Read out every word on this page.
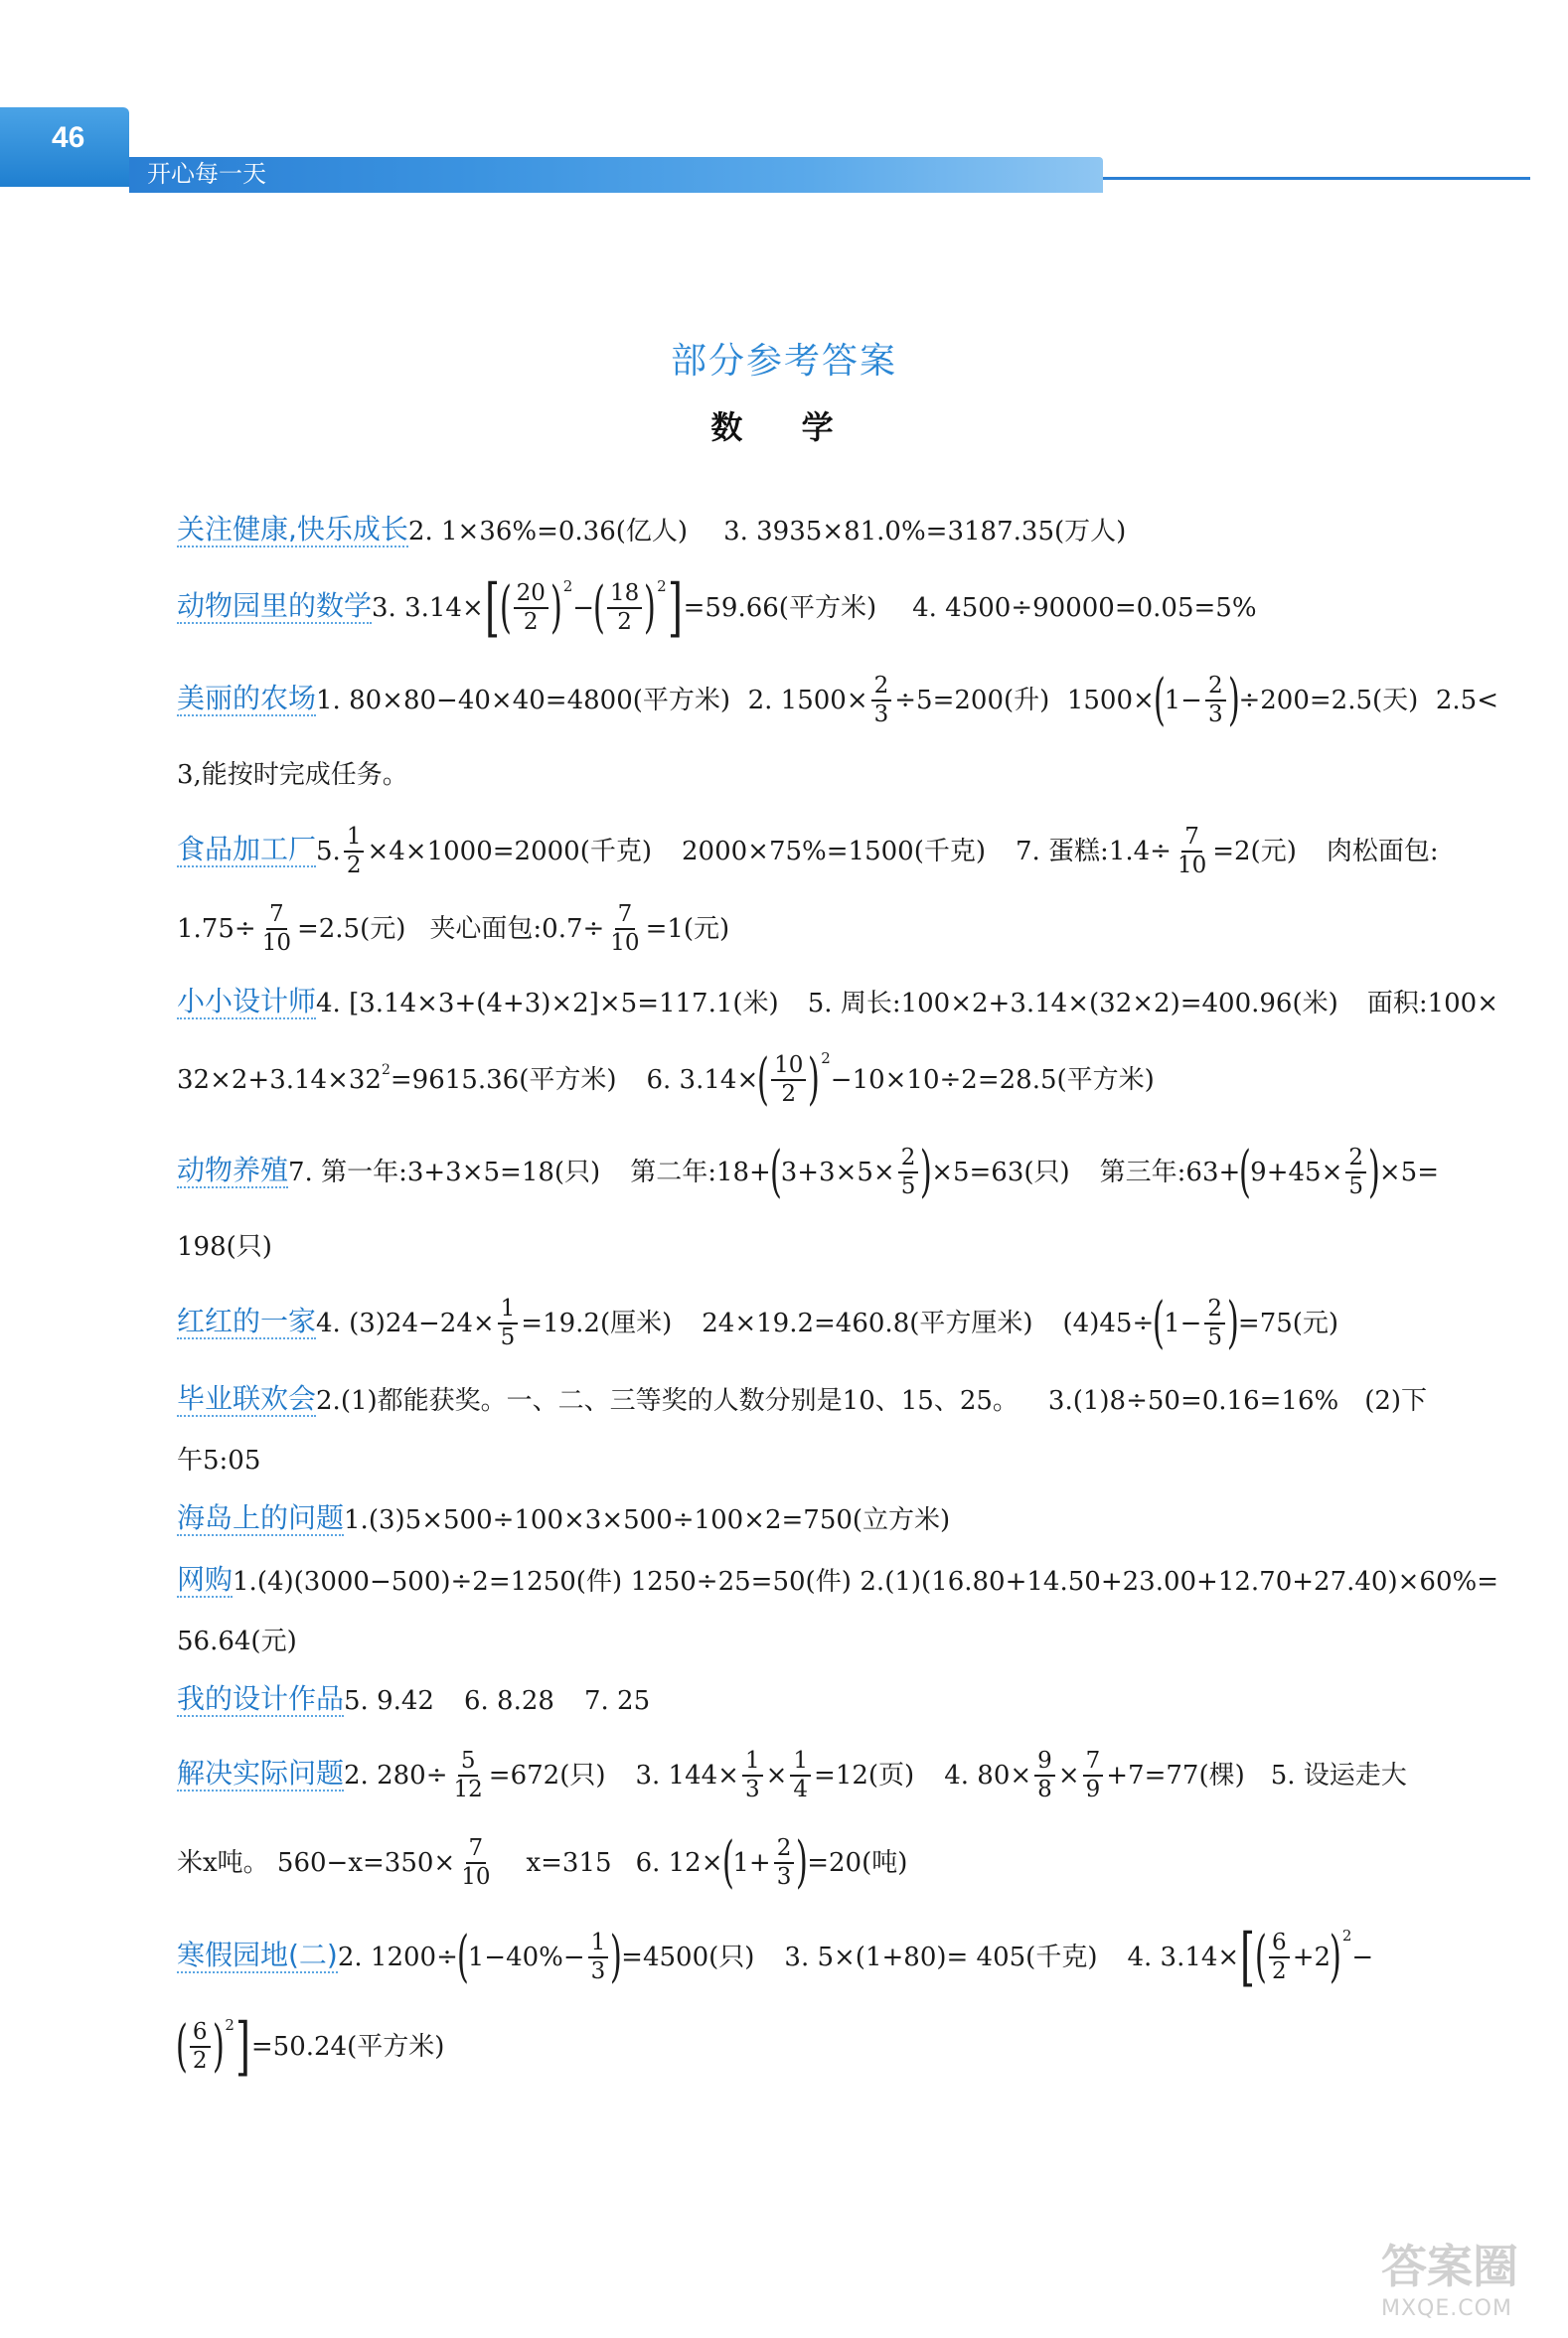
46
开心每一天
部分参考答案
数 学
关注健康,快乐成长 2. 1×36%=0.36(亿人) 3. 3935×81.0%=3187.35(万人)
动物园里的数学 3. 3.14× [ ( 20
2 ) 2
−
( 18
2 ) 2 ] =59.66(平方米) 4. 4500÷90000=0.05=5%
美丽的农场 1. 80×80−40×40=4800(平方米) 2. $1500\times \frac{2}{3} \div 5=200$(升) 1500×
(
$1- \frac{2}{3}$ )
÷200=2.5(天) 2.5<
3,能按时完成任务。
食品加工厂 5. $\frac{1}{2} \times 4\times 1000=2000$(千克) 2000×75%=1500(千克) 7. 蛋糕:1.4÷ $\frac{7}{10} =2$(元) 肉松面包:
$1.75\div \frac{7}{10} =2.5$(元) 夹心面包:0.7÷ $\frac{7}{10} =1$(元)
小小设计师 4. [3.14×3+(4+3)×2]×5=117.1(米) 5. 周长:100×2+3.14×(32×2)=400.96(米) 面积:100×
32×2+3.14×32 2 =9615.36(平方米) 6. 3.14×
( 10
2 ) 2
−10×10÷2=28.5(平方米)
动物养殖 7. 第一年:3+3×5=18(只) 第二年:18+
(
$3+3\times 5\times \frac{2}{5}$ )
×5=63(只) 第三年:63+
(
$9+45\times \frac{2}{5}$ )
×5=
198(只)
红红的一家 4. $(3)24-24\times \frac{1}{5} =19.2$(厘米) 24×19.2=460.8(平方厘米) (4)45÷
(
$1- \frac{2}{5}$ )
=75(元)
毕业联欢会 2.(1)都能获奖。一、二、三等奖的人数分别是10、15、25。 3.(1)8÷50=0.16=16% (2)下
午5:05
海岛上的问题 1.(3)5×500÷100×3×500÷100×2=750(立方米)
网购 1.(4)(3000−500)÷2=1250(件) 1250÷25=50(件) 2.(1)(16.80+14.50+23.00+12.70+27.40)×60%=
56.64(元)
我的设计作品 5. 9.42 6. 8.28 7. 25
解决实际问题 2. $280\div \frac{5}{12} =672$(只) 3. $144\times \frac{1}{3} \times \frac{1}{4} =12$(页) 4. $80\times \frac{9}{8} \times \frac{7}{9} +7=77$(棵) 5. 设运走大
米x吨。 $560-x=350\times \frac{7}{10} x=315$ 6. 12×
(
$1+ \frac{2}{3}$ )
=20(吨)
寒假园地(二) 2. 1200÷
(
$1-40\%- \frac{1}{3}$ )
=4500(只) 3. 5×(1+80)= 405(千克) 4. 3.14× [ ( 6
2 +2
) 2
−
( 6
2 ) 2 ] =50.24(平方米)
答案圈
MXQE.COM
